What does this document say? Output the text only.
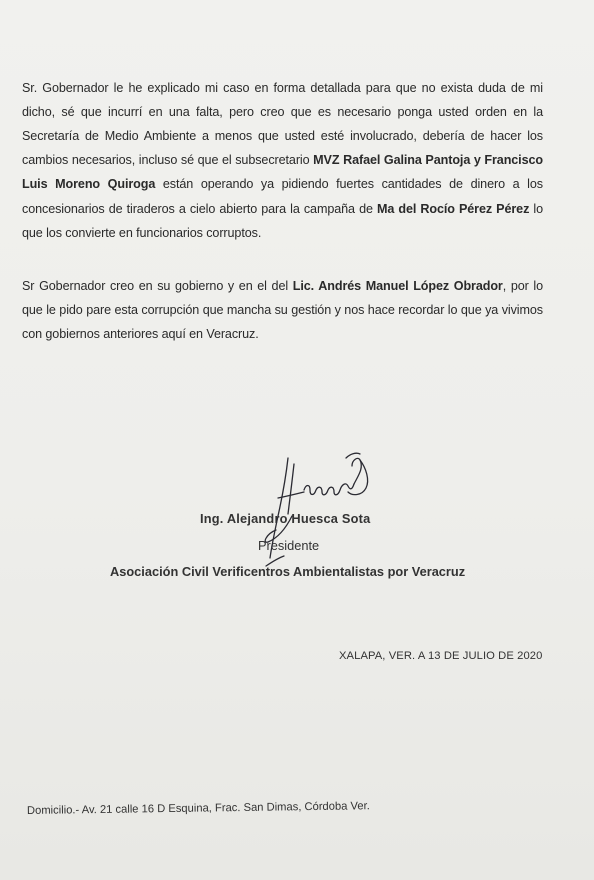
Sr. Gobernador le he explicado mi caso en forma detallada para que no exista duda de mi dicho, sé que incurrí en una falta, pero creo que es necesario ponga usted orden en la Secretaría de Medio Ambiente a menos que usted esté involucrado, debería de hacer los cambios necesarios, incluso sé que el subsecretario MVZ Rafael Galina Pantoja y Francisco Luis Moreno Quiroga están operando ya pidiendo fuertes cantidades de dinero a los concesionarios de tiraderos a cielo abierto para la campaña de Ma del Rocío Pérez Pérez lo que los convierte en funcionarios corruptos.

Sr Gobernador creo en su gobierno y en el del Lic. Andrés Manuel López Obrador, por lo que le pido pare esta corrupción que mancha su gestión y nos hace recordar lo que ya vivimos con gobiernos anteriores aquí en Veracruz.

Ing. Alejandro Huesca Sota
Presidente
Asociación Civil Verificentros Ambientalistas por Veracruz
XALAPA, VER. A 13 DE JULIO DE 2020
Domicilio.- Av. 21 calle 16 D Esquina, Frac. San Dimas, Córdoba Ver.
